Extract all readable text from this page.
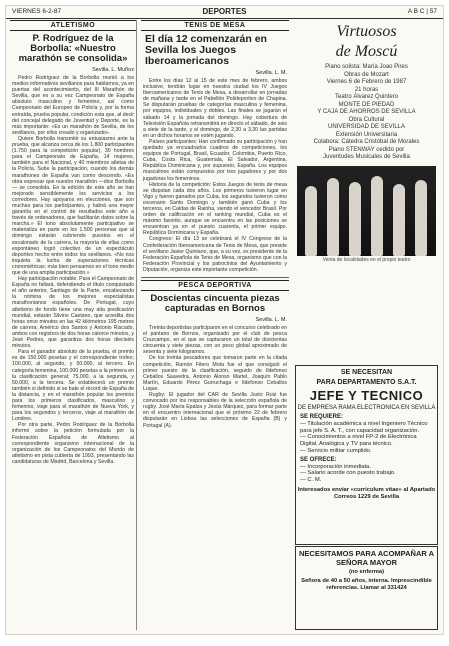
VIERNES 6-2-87	DEPORTES	A B C | 57
ATLETISMO
P. Rodríguez de la Borbolla: «Nuestro marathón se consolida»
Sevilla. L. Muñoz

Pedro Rodríguez de la Borbolla reunió a los medios informativos sevillanos para hablarnos, ya en puertas del acontecimiento, del III Marathón de Sevilla, que es a su vez Campeonato de España absoluto masculino y femenino, así como Campeonato del Europeo de Policía y, por la forma extraída, prueba popular, condición esta que, al decir del concejal delegado de Juventud y Deporte, es la más importante: «Es un marathón de Sevilla, de los sevillanos, por ellos creado y organizado».

Quiere Borbolla transmitir su entusiasmo ante la prueba, que alcanza cerca de los 1.800 participantes (1.750 para la competición popular), 30 hombres para el Campeonato de España, 14 mujeres, también para el Nacional, y 40 miembros atletas de la Policía. Sube la participación, cuando los demás marathones de España van como descendo. «Es obra expresar que nuestro marathón —dice Borbolla— se consolida. En la edición de este año se han mejorado sensiblemente los servicios a los corredores. Hay apoyaros en elecciones, que son muchas para los participantes, y habrá una mayor garantía en el control de resultados este año a través de ordenadores, que facilitarán datos sobre la marcha.» El tono absolutamente participativo se materializa en parte en los 1.500 personas que al domingo estarán cubriendo puestos en el escalonado de la carrera, la mayoría de ellas como espontáneo logró colectivo de un espectáculo deportivo hecho entre todos los sevillanos. «No nos inquieta la lucha de superaciones técnicas cronométricas; más bien pensamos en el tono medio que de una amplia participación.»

Hay participación notable. Para el Campeonato de España no faltará, defendiendo el título conquistado el año anterior, Santiago de la Parte, encabezando la nómina de los mejores especialistas marathonianos españoles. De Portugal, cuyo atletismo de fondo tiene una muy alta predicación mundial, estarán Silvino Caetano, que acredita dos horas once minutos en las 42 kilómetros 195 metros de carrera; Américo dos Santos y Antonio Riscado, ambos con registros de dos horas catorce minutos, y José Pedres, que garantiza dos horas dieciséis minutos.

Para el ganador absoluto de la prueba, el premio es de 150.000 pesetas y el correspondiente trofeo; 100.000, al segundo, y 50.000, al tercero. En categoría femenina, 100.000 pesetas a la primera en la clasificación general; 75.000, a la segunda, y 50.000, a la tercera. Se establecerá un premio también si definido si se bate el récord de España de la distancia, y en el marathón popular los premios para los primeros clasificados, masculino y femenino, viaje para el marathón de Nueva York, y para los segundos y terceros, viaje al marathón de Londres.

Por otra parte, Pedro Rodríguez de la Borbolla informó sobre la petición formulada por la Federación Española de Atletismo al correspondiente organismo internacional de la organización de los Campeonatos del Mundo de atletismo en pista cubierta de 1993, presentando las candidaturas de Madrid, Barcelona y Sevilla.

TENIS DE MESA
El día 12 comenzarán en Sevilla los Juegos Iberoamericanos
Sevilla. L. M.

Entre los días 12 al 15 de este mes de febrero, ambos inclusive, tendrán lugar en nuestra ciudad los IV Juegos Iberoamericanos de Tenis de Mesa, a desarrollar en jornadas de mañana y tarde en el Pabellón Polideportivo de Chapina. Se disputarán pruebas de categorías masculina y femenina, por equipos, individuales y dobles. Las finales se jugarán el sábado 14 y la jornada del domingo. Hay cobertura de Televisión Española retransmitirá en directo el sábado, de seis a siete de la tarde, y el domingo, de 2,30 a 3,30 las partidas en un dichos horarios se estén jugando.

Países participantes: Han confirmado su participación y han quedado ya encuadrados cuadros de competiciones, los equipos de Portugal, Brasil, Ecuador, Colombia, Puerto Rico, Cuba, Costa Rica, Guatemala, El Salvador, Argentina, República Dominicana y, por supuesto, España. Los equipos masculinos están compuestos por tres jugadores y por dos jugadoras los femeninos.

Historia de la competición: Estos Juegos de tenis de mesa se disputan cada dos años. Los primeros tuvieron lugar en Vigo y fueron ganados por Cuba, los segundos tuvieron como escenario Santo Domingo y también ganó Cuba y los terceros, en Caldas de Rainha, siendo el vencedor Brasil. Por orden de calificación en el ranking mundial, Cuba es el máximo favorito, aunque se encuentra en las posiciones se encuentran ya en el puesto cuarenta, el primer equipo. República Dominicana y España.

Congreso: El día 13 se celebrará el IV Congreso de la Confederación Iberoamericana de Tenis de Mesa, que preside el sevillano Javier Quintano, que, a su vez, es presidente de la Federación Española de Tenis de Mesa, organismo que con la Federación Provincial y los patrocinios del Ayuntamiento y Diputación, organiza este importante competición.

PESCA DEPORTIVA
Doscientas cincuenta piezas capturadas en Bornos
Sevilla. L. M.

Treinta deportistas participaron en el concurso celebrado en el pantano de Bornos, organizado por el club de pesca Cruzcampo, en el que se capturaron un total de doscientas cincuenta y siete piezas, con un peso global aproximado de sesenta y siete kilogramos.

De los treinta pescadores que tomaron parte en la citada competición, Ramón Fitero Mota fue el que consiguió el primer puesto de la clasificación, seguido de Ildefonso Ceballos Saavedra, Antonio Alonso Martel, Joaquín Pablo Martín, Eduardo Pérez Gurruchaga e Ildefonso Ceballos Luque.

Rugby: El jugador del CAR de Sevilla Justo Ruiz fue convocado por los responsables de la selección española de rugby. José María Epalza y Jesús Márquez, para formar parte en el encuentro internacional que el próximo 22 de febrero disputarán en Lisboa las selecciones de España (B) y Portugal (A).

Virtuosos
de Moscú
Piano solista: María Joao Pires
Obras de Mozart
Viernes 6 de Febrero de 1987
21 horas
Teatro Álvarez Quintero
MONTE DE PIEDAD
Y CAJA DE AHORROS DE SEVILLA
Obra Cultural
UNIVERSIDAD DE SEVILLA
Extensión Universitaria
Colabora: Cátedra Cristóbal de Morales
Piano STENWAY cedido por
Juventudes Musicales de Sevilla
Venta de localidades en el propio teatro
SE NECESITAN
PARA DEPARTAMENTO S.A.T.
JEFE Y TECNICO
DE EMPRESA RAMA ELECTRONICA EN SEVILLA
SE REQUIERE:
— Titulación académica a nivel Ingeniero Técnico para jefe S. A. T., con capacidad organización.
— Conocimientos a nivel FP-2 de Electrónica Digital, Analógica y TV para técnico.
— Servicio militar cumplido.
SE OFRECE:
— Incorporación inmediata.
— Salario acorde con puesto trabajo.
— C. M.
Interesados enviar «currículum vitae» al Apartado Correos 1229 de Sevilla
NECESITAMOS PARA ACOMPAÑAR A SEÑORA MAYOR
(no enferma)
Señora de 40 a 50 años, interna. Imprescindible referencias. Llamar al 331424
